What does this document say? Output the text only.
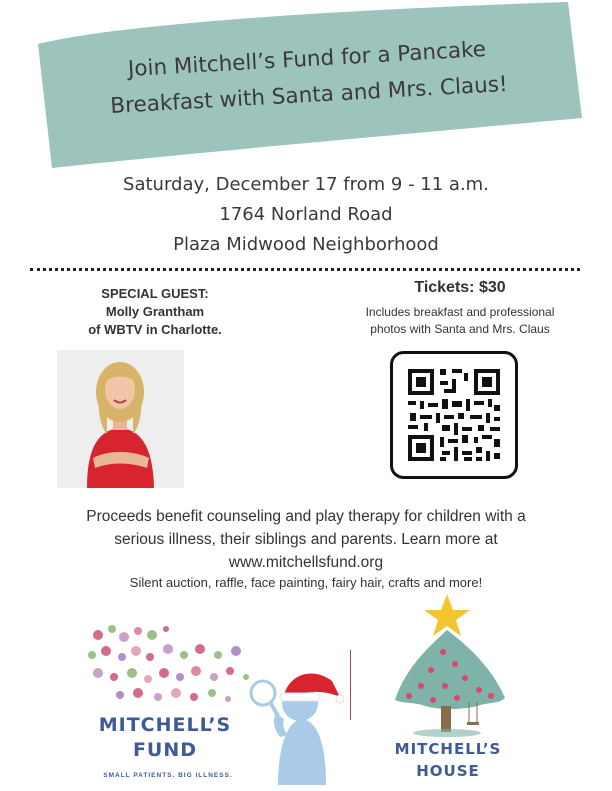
Join Mitchell’s Fund for a Pancake
Breakfast with Santa and Mrs. Claus!
Saturday, December 17 from 9 - 11 a.m.
1764 Norland Road
Plaza Midwood Neighborhood
SPECIAL GUEST:
Molly Grantham
of WBTV in Charlotte.
Tickets: $30
Includes breakfast and professional
photos with Santa and Mrs. Claus
Proceeds benefit counseling and play therapy for children with a
serious illness, their siblings and parents. Learn more at
www.mitchellsfund.org
Silent auction, raffle, face painting, fairy hair, crafts and more!
MITCHELL’S
FUND
SMALL PATIENTS. BIG ILLNESS.
MITCHELL’S
HOUSE
